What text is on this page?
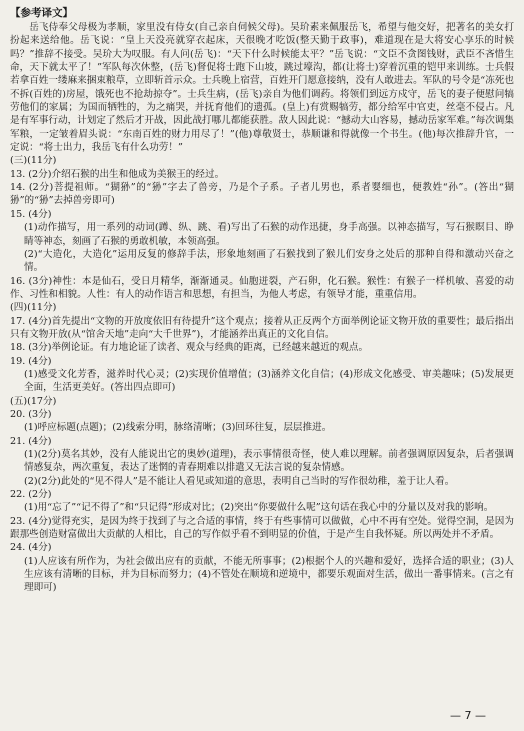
【参考译文】

岳飞侍奉父母极为孝顺，家里没有侍女(自己亲自伺候父母)。吴玠素来佩服岳飞，希望与他交好，把著名的美女打扮起来送给他。岳飞说：“皇上天没亮就穿衣起床，天很晚才吃饭(整天勤于政事)，难道现在是大将安心享乐的时候吗？”推辞不接受。吴玠大为叹服。有人问(岳飞)：“天下什么时候能太平？”岳飞说：“文臣不贪图钱财，武臣不吝惜生命，天下就太平了！”军队每次休整，(岳飞)督促将士跑下山坡，跳过壕沟，都(让将士)穿着沉重的铠甲来训练。士兵假若拿百姓一缕麻来捆束粮草，立即斩首示众。士兵晚上宿营，百姓开门愿意接纳，没有人敢进去。军队的号令是“冻死也不拆(百姓的)房屋，饿死也不抢劫掠夺”。士兵生病，(岳飞)亲自为他们调药。将领们到远方戍守，岳飞的妻子便慰问犒劳他们的家属；为国而牺牲的，为之痛哭，并抚育他们的遗孤。(皇上)有赏赐犒劳，都分给军中官吏，丝毫不侵占。凡是有军事行动，计划定了然后才开战，因此战打哪儿都能获胜。敌人因此说：“撼动大山容易，撼动岳家军难。”每次调集军粮，一定皱着眉头说：“东南百姓的财力用尽了！”(他)尊敬贤士，恭顺谦和得就像一个书生。(他)每次推辞升官，一定说：“将士出力，我岳飞有什么功劳！”

(三)(11分)

13. (2分)介绍石猴的出生和他成为美猴王的经过。

14. (2分)菩提祖师。“猢狲”的“狲”字去了兽旁，乃是个子系。子者儿男也，系者婴细也，便教姓“孙”。(答出“猢狲”的“狲”去掉兽旁即可)

15. (4分)

(1)动作描写，用一系列的动词(蹲、纵、跳、看)写出了石猴的动作迅捷，身手高强。以神态描写，写石猴瞑目、睁睛等神态，刻画了石猴的勇敢机敏，本领高强。

(2)“大造化，大造化”运用反复的修辞手法，形象地刻画了石猴找到了猴儿们安身之处后的那种自得和激动兴奋之情。

16. (3分)神性：本是仙石，受日月精华，渐渐通灵。仙胞迸裂，产石卵，化石猴。猴性：有猴子一样机敏、喜爱的动作、习性和相貌。人性：有人的动作语言和思想，有担当，为他人考虑，有领导才能，重重信用。

(四)(11分)

17. (4分)首先提出“文物的开放度依旧有待提升”这个观点；接着从正反两个方面举例论证文物开放的重要性；最后指出只有文物开放(从“馆舍天地”走向“大千世界”)，才能涵养出真正的文化自信。

18. (3分)举例论证。有力地论证了读者、观众与经典的距离，已经越来越近的观点。

19. (4分)

(1)感受文化芳香，滋养时代心灵；(2)实现价值增值；(3)涵养文化自信；(4)形成文化感受、审美趣味；(5)发展更全面，生活更美好。(答出四点即可)

(五)(17分)

20. (3分)

(1)呼应标题(点题)；(2)线索分明，脉络清晰；(3)回环往复，层层推进。

21. (4分)

(1)(2分)莫名其妙，没有人能说出它的奥妙(道理)，表示事情很奇怪，使人难以理解。前者强调原因复杂，后者强调情感复杂，两次重复，表达了迷惘的青春期难以排遣又无法言说的复杂情感。

(2)(2分)此处的“见不得人”是不能让人看见或知道的意思，表明自己当时的写作很幼稚，羞于让人看。

22. (2分)

(1)用“忘了”“记不得了”和“只记得”形成对比；(2)突出“你要做什么呢”这句话在我心中的分量以及对我的影响。

23. (4分)觉得充实，是因为终于找到了与之合适的事情，终于有些事情可以做做，心中不再有空处。觉得空洞，是因为跟那些创造财富做出大贡献的人相比，自己的写作似乎看不到明显的价值，于是产生自我怀疑。所以两处并不矛盾。

24. (4分)

(1)人应该有所作为，为社会做出应有的贡献，不能无所事事；(2)根据个人的兴趣和爱好，选择合适的职业；(3)人生应该有清晰的目标，并为目标而努力；(4)不管处在顺境和逆境中，都要乐观面对生活，做出一番事情来。(言之有理即可)

— 7 —
